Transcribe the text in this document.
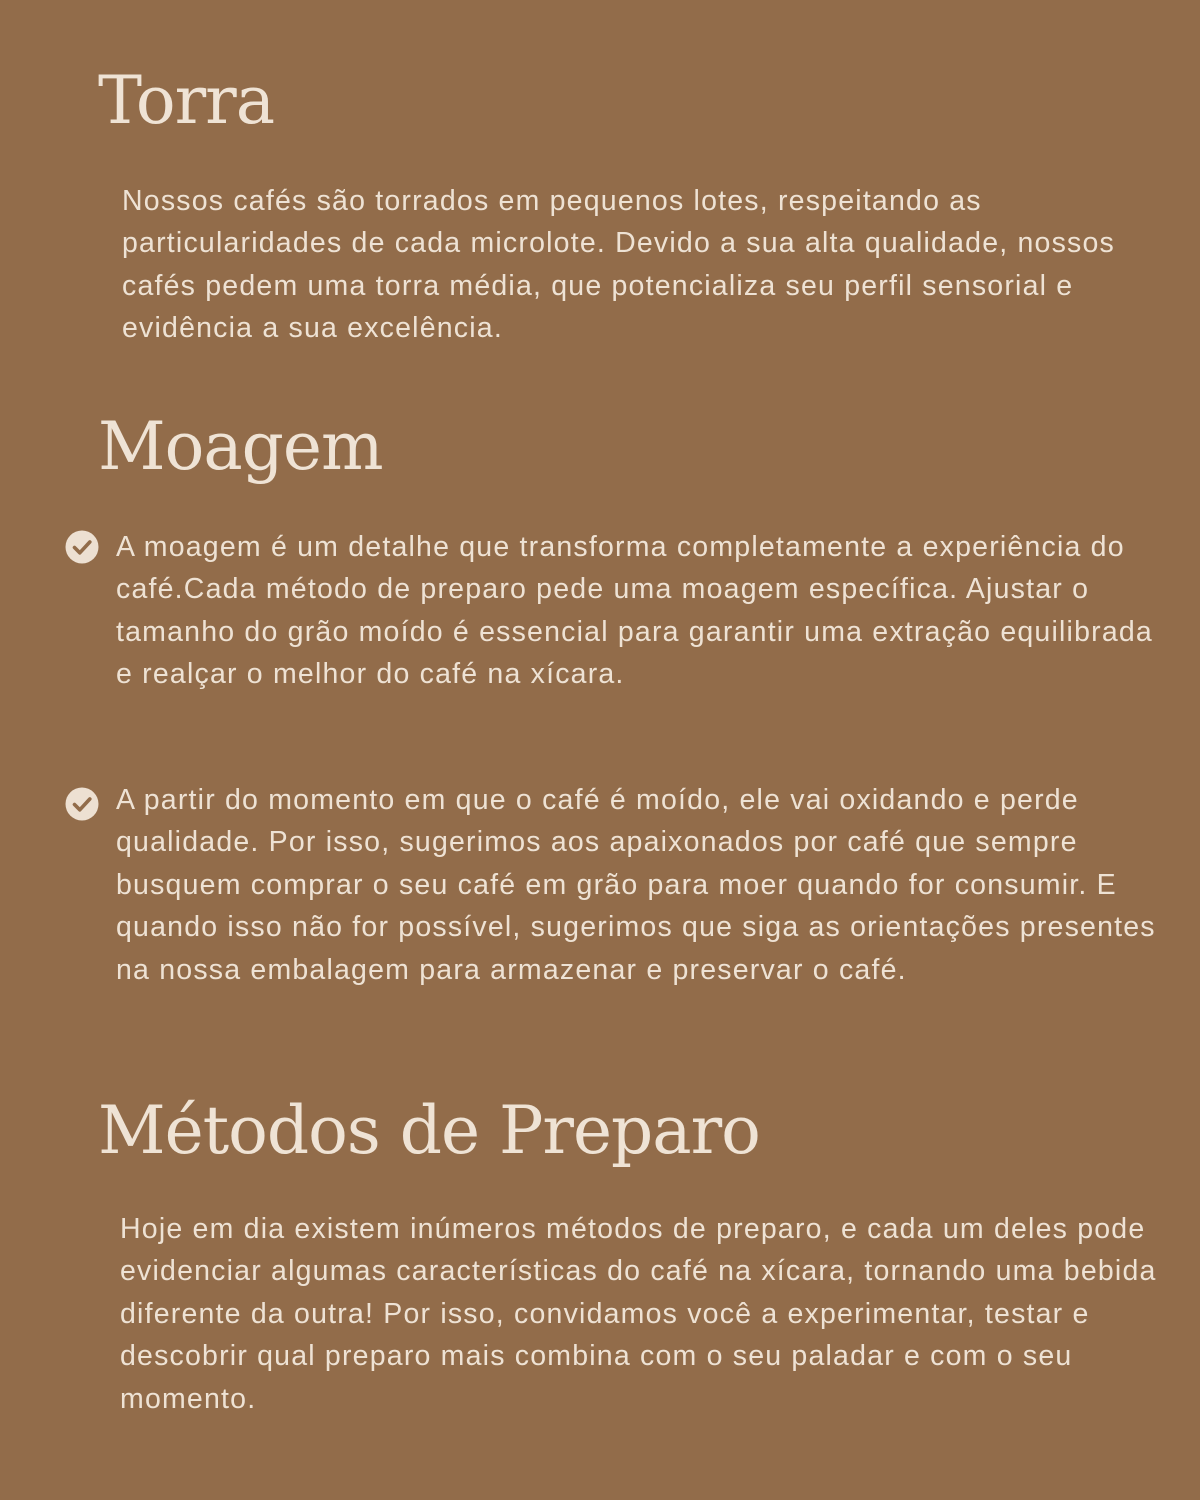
Torra

Nossos cafés são torrados em pequenos lotes, respeitando as particularidades de cada microlote. Devido a sua alta qualidade, nossos cafés pedem uma torra média, que potencializa seu perfil sensorial e evidência a sua excelência.

Moagem

A moagem é um detalhe que transforma completamente a experiência do café.Cada método de preparo pede uma moagem específica. Ajustar o tamanho do grão moído é essencial para garantir uma extração equilibrada e realçar o melhor do café na xícara.

A partir do momento em que o café é moído, ele vai oxidando e perde qualidade. Por isso, sugerimos aos apaixonados por café que sempre busquem comprar o seu café em grão para moer quando for consumir. E quando isso não for possível, sugerimos que siga as orientações presentes na nossa embalagem para armazenar e preservar o café.

Métodos de Preparo

Hoje em dia existem inúmeros métodos de preparo, e cada um deles pode evidenciar algumas características do café na xícara, tornando uma bebida diferente da outra! Por isso, convidamos você a experimentar, testar e descobrir qual preparo mais combina com o seu paladar e com o seu momento.
